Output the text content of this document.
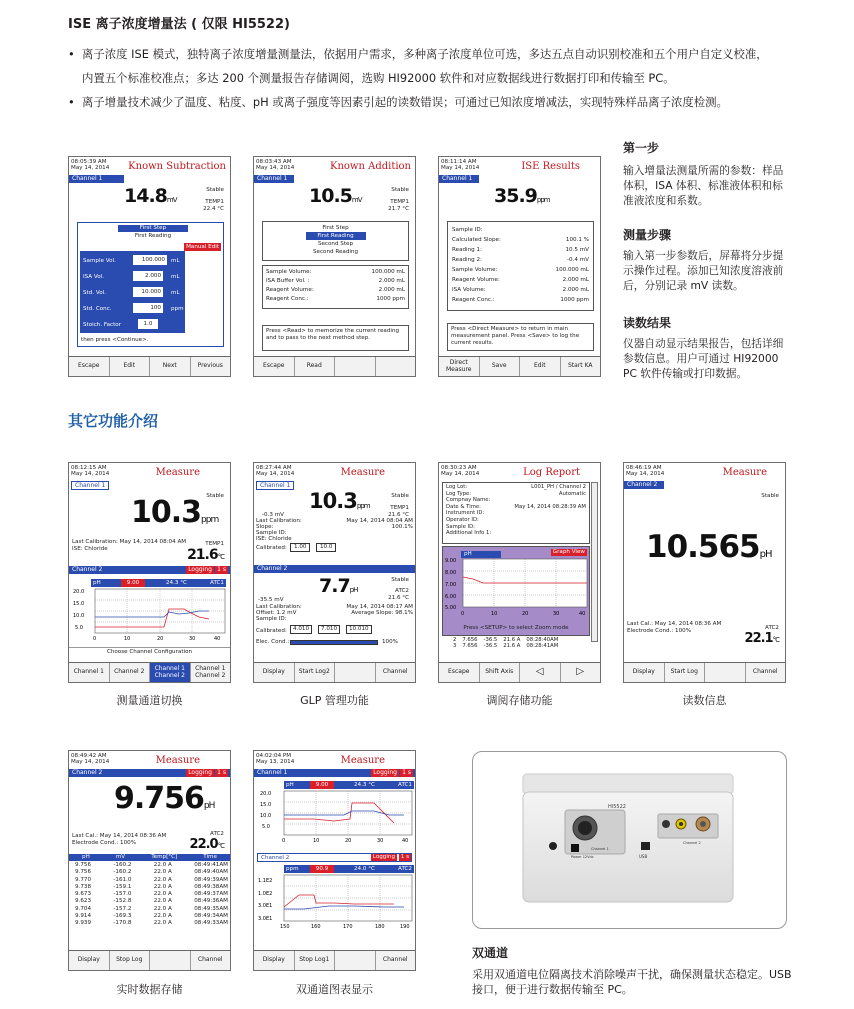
ISE 离子浓度增量法 ( 仅限 HI5522)
• 离子浓度 ISE 模式，独特离子浓度增量测量法，依据用户需求，多种离子浓度单位可选，多达五点自动识别校准和五个用户自定义校准，
内置五个标准校准点；多达 200 个测量报告存储调阅，选购 HI92000 软件和对应数据线进行数据打印和传输至 PC。
• 离子增量技术减少了温度、粘度、pH 或离子强度等因素引起的读数错误；可通过已知浓度增减法，实现特殊样品离子浓度检测。
第一步
输入增量法测量所需的参数：样品体积，ISA 体积、标准液体积和标准液浓度和系数。
测量步骤
输入第一步参数后，屏幕将分步提示操作过程。添加已知浓度溶液前后，分别记录 mV 读数。
读数结果
仪器自动显示结果报告，包括详细参数信息。用户可通过 HI92000 PC 软件传输或打印数据。
其它功能介绍
08:05:39 AM
May 14, 2014 Known Subtraction
Channel 1
14.8mV
Stable
TEMP1
22.4 °C
First Step
First Reading
Manual Edit
Sample Vol.	100.000	mL
ISA Vol.	2.000	mL
Std. Vol.	10.000	mL
Std. Conc.	100	ppm
Stoich. Factor	1.0
then press <Continue>.
Escape	Edit	Next	Previous
08:03:43 AM
May 14, 2014	Known Addition
Channel 1
10.5mV
Stable
TEMP1
21.7 °C
First Step
First Reading
Second Step
Second Reading
Sample Volume:	100.000 mL
ISA Buffer Vol. :	2.000 mL
Reagent Volume:	2.000 mL
Reagent Conc.:	1000 ppm
Press <Read> to memorize the current reading and to pass to the next method step.
Escape	Read
08:11:14 AM
May 14, 2014	ISE Results
Channel 1
35.9ppm
Sample ID:
Calculated Slope:	100.1 %
Reading 1:	10.5 mV
Reading 2:	-0.4 mV
Sample Volume:	100.000 mL
Reagent Volume:	2.000 mL
ISA Volume:	2.000 mL
Reagent Conc.:	1000 ppm
Press <Direct Measure> to return in main measurement panel. Press <Save> to log the current results.
Direct Measure	Save	Edit	Start KA
08:12:15 AM
May 14, 2014	Measure
Channel 1
Stable
10.3ppm
Last Calibration: May 14, 2014 08:04 AM
ISE: Chloride
TEMP1
21.6°C
Channel 2	Logging 1 s
pH	9.00	24.3 °C	ATC1
20.0
15.0
10.0
5.0
0	10	20	30	40
Choose Channel Configuration
Channel 1	Channel 2	Channel 1 Channel 2
Channel 1 Channel 2
08:27:44 AM
May 14, 2014	Measure
Channel 1
10.3ppm
-0.3 mV
Stable
TEMP1
21.6 °C
Last Calibration:	May 14, 2014 08:04 AM
Slope:	100.1%
Sample ID:
ISE: Chloride
Calibrated:	1.00	10.0
Channel 2
7.7pH
-35.5 mV
Stable
ATC2
21.6 °C
Last Calibration:	May 14, 2014 08:17 AM
Offset: 1.2 mV	Average Slope: 98.1%
Sample ID:
Calibrated:	4.010	7.010	10.010
Elec. Cond.:	100%
Display	Start Log2	Channel
08:30:23 AM
May 14, 2014	Log Report
Log Lot:	L001_PH / Channel 2
Log Type:	Automatic
Compnay Name:
Date & Time:	May 14, 2014 08:28:39 AM
Instrument ID:
Operator ID:
Sample ID:
Additional Info 1:
Graph View
pH
9.00
8.00
7.00
6.00
5.00
0	10	20	30	40
Press <SETUP> to select Zoom mode
2 7.656 -36.5 21.6 A 08:28:40AM
3 7.656 -36.5 21.6 A 08:28:41AM
Escape	Shift Axis	◁	▷
08:46:19 AM
May 14, 2014	Measure
Channel 2
Stable
10.565pH
Last Cal.: May 14, 2014 08:36 AM
Electrode Cond.: 100%	ATC2
22.1°C
Display	Start Log	Channel
测量通道切换	GLP 管理功能	调阅存储功能	读数信息
08:49:42 AM
May 14, 2014	Measure
Channel 2	Logging 1 s
9.756pH
Last Cal.: May 14, 2014 08:36 AM
Electrode Cond.: 100%
ATC2
22.0°C
pH	mV	Temp[°C]	Time
9.756	-160.2	22.0 A	08:49:41AM
9.756	-160.2	22.0 A	08:49:40AM
9.770	-161.0	22.0 A	08:49:39AM
9.738	-159.1	22.0 A	08:49:38AM
9.673	-157.0	22.0 A	08:49:37AM
9.623	-152.8	22.0 A	08:49:36AM
9.704	-157.2	22.0 A	08:49:35AM
9.914	-169.3	22.0 A	08:49:34AM
9.939	-170.8	22.0 A	08:49:33AM
Display	Stop Log	Channel
04:02:04 PM
May 13, 2014	Measure
Channel 1	Logging 1 s
pH	9.00	24.3 °C	ATC1
20.0
15.0
10.0
5.0
0	10	20	30	40
Channel 2	Logging	1 s
ppm	90.9	24.0 °C	ATC2
1.1E2
1.0E2
3.0E1
3.0E1
150	160	170	180	190
Display	Stop Log1	Channel
实时数据存储	双通道图表显示
HI5522
Power 12Vdc	USB
Channel 1
Channel 2
双通道
采用双通道电位隔离技术消除噪声干扰，确保测量状态稳定。USB 接口，便于进行数据传输至 PC。
